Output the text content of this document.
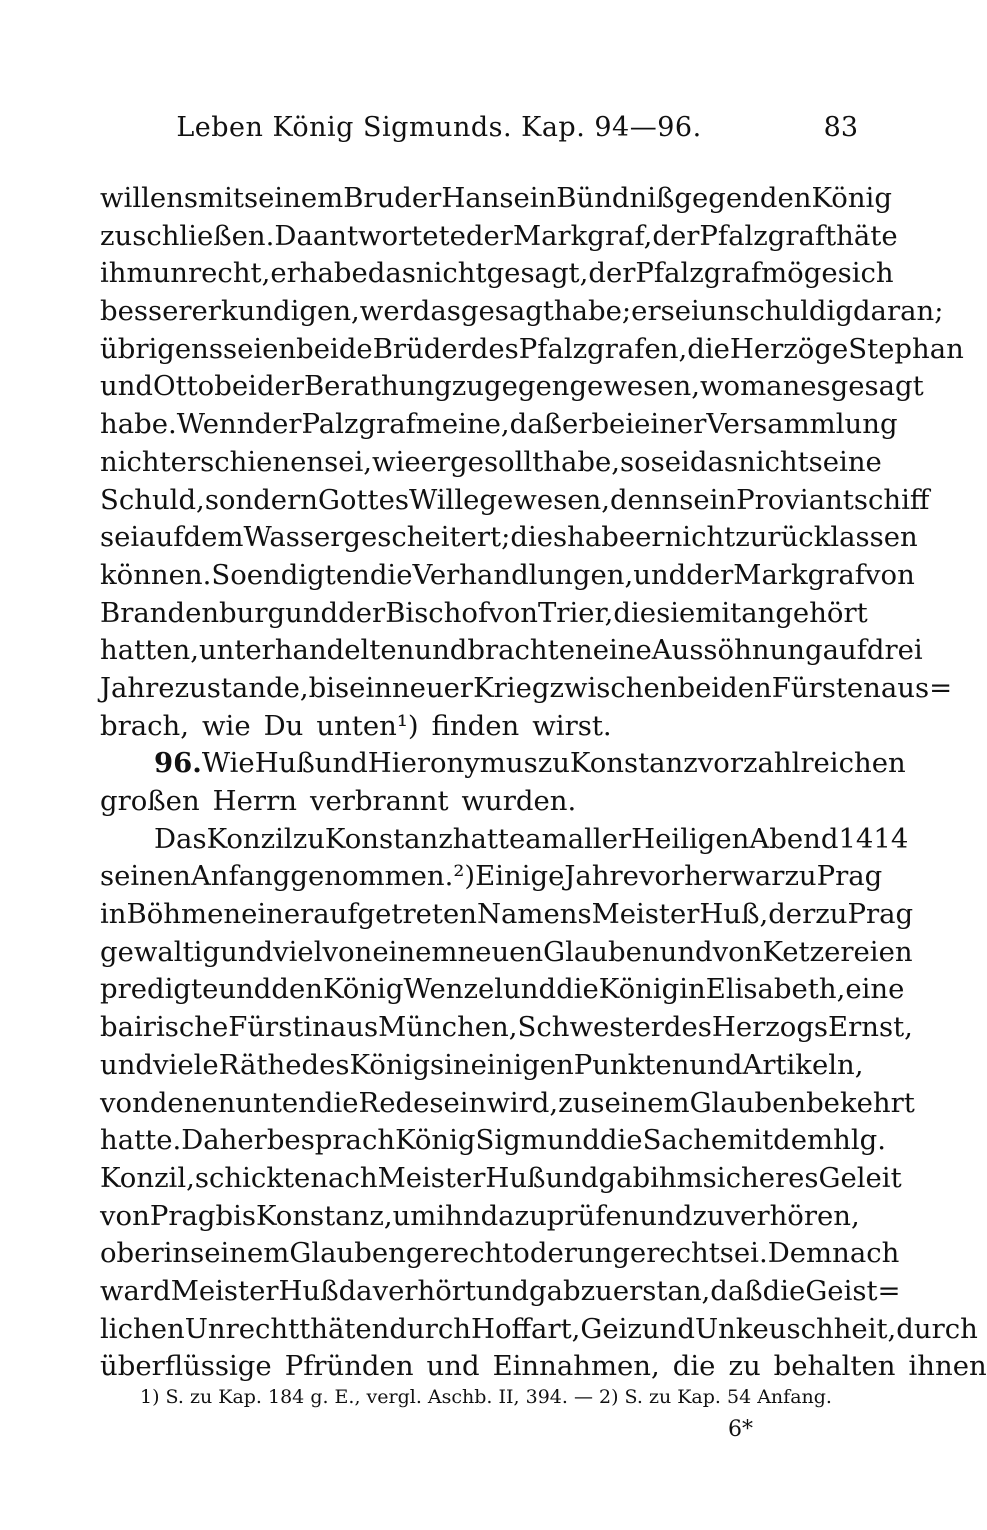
Leben König Sigmunds. Kap. 94—96.	83
willens mit seinem Bruder Hans ein Bündniß gegen den König
zu schließen. Da antwortete der Markgraf, der Pfalzgraf thäte
ihm unrecht, er habe das nicht gesagt, der Pfalzgraf möge sich
besser erkundigen, wer das gesagt habe; er sei unschuldig daran;
übrigens seien beide Brüder des Pfalzgrafen, die Herzöge Stephan
und Otto bei der Berathung zugegen gewesen, wo man es gesagt
habe. Wenn der Palzgraf meine, daß er bei einer Versammlung
nicht erschienen sei, wie er gesollt habe, so sei das nicht seine
Schuld, sondern Gottes Wille gewesen, denn sein Proviantschiff
sei auf dem Wasser gescheitert; dies habe er nicht zurücklassen
können. So endigten die Verhandlungen, und der Markgraf von
Brandenburg und der Bischof von Trier, die sie mit angehört
hatten, unterhandelten und brachten eine Aussöhnung auf drei
Jahre zustande, bis ein neuer Krieg zwischen beiden Fürsten aus=
brach, wie Du unten¹) finden wirst.
96. Wie Huß und Hieronymus zu Konstanz vor zahlreichen
großen Herrn verbrannt wurden.
Das Konzil zu Konstanz hatte am aller Heiligen Abend 1414
seinen Anfang genommen.²) Einige Jahre vorher war zu Prag
in Böhmen einer aufgetreten Namens Meister Huß, der zu Prag
gewaltig und viel von einem neuen Glauben und von Ketzereien
predigte und den König Wenzel und die Königin Elisabeth, eine
bairische Fürstin aus München, Schwester des Herzogs Ernst,
und viele Räthe des Königs in einigen Punkten und Artikeln,
von denen unten die Rede sein wird, zu seinem Glauben bekehrt
hatte. Daher besprach König Sigmund die Sache mit dem hlg.
Konzil, schickte nach Meister Huß und gab ihm sicheres Geleit
von Prag bis Konstanz, um ihn da zu prüfen und zu verhören,
ob er in seinem Glauben gerecht oder ungerecht sei. Demnach
ward Meister Huß da verhört und gab zuerst an, daß die Geist=
lichen Unrecht thäten durch Hoffart, Geiz und Unkeuschheit, durch
überflüssige Pfründen und Einnahmen, die zu behalten ihnen
1) S. zu Kap. 184 g. E., vergl. Aschb. II, 394. — 2) S. zu Kap. 54 Anfang.
6*
